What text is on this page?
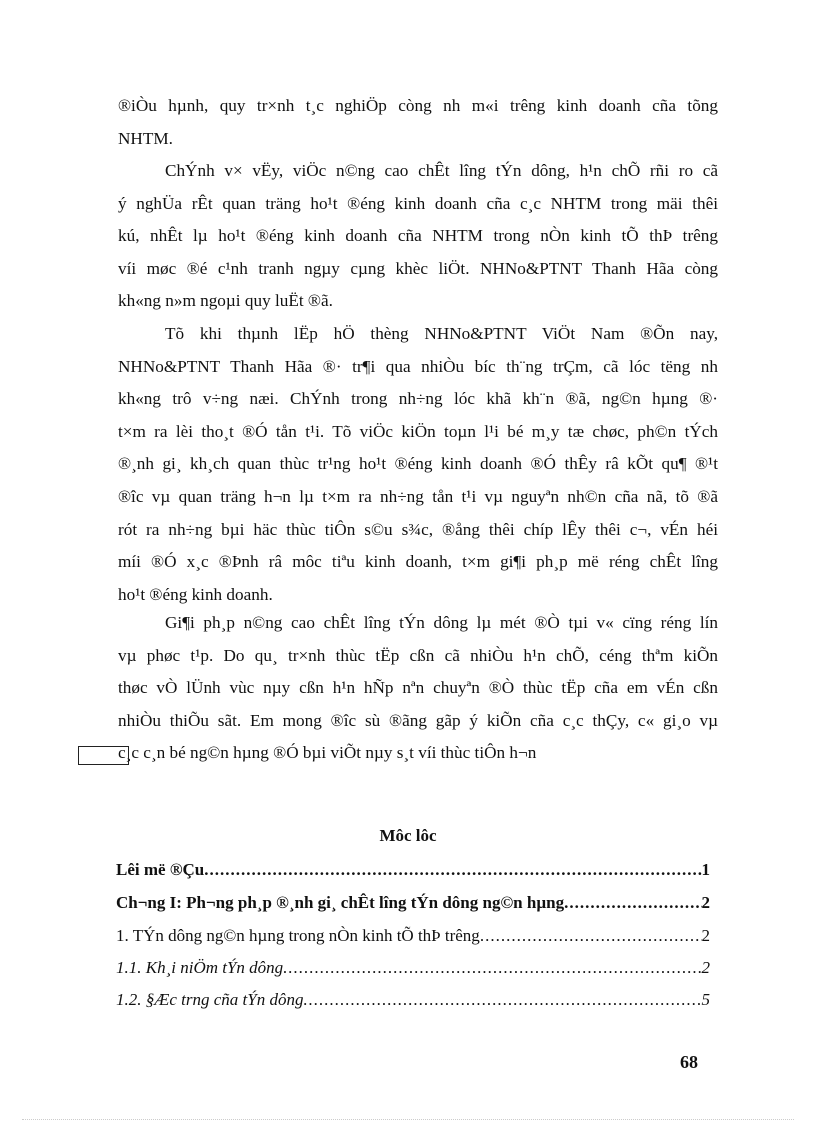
®iÒu hµnh, quy tr×nh t¸c nghiÖp còng nh m«i trêng kinh doanh cña tõng
NHTM.
ChÝnh v× vËy, viÖc n©ng cao chÊt lîng tÝn dông, h¹n chÕ rñi ro cã
ý nghÜa rÊt quan träng ho¹t ®éng kinh doanh cña c¸c NHTM trong mäi thêi
kú, nhÊt lµ ho¹t ®éng kinh doanh cña NHTM trong nÒn kinh tÕ thÞ trêng
víi møc ®é c¹nh tranh ngµy cµng khèc liÖt. NHNo&PTNT Thanh Hãa còng
kh«ng n»m ngoµi quy luËt ®ã.
Tõ khi thµnh lËp hÖ thèng NHNo&PTNT ViÖt Nam ®Õn nay,
NHNo&PTNT Thanh Hãa ®· tr¶i qua nhiÒu bíc th¨ng trÇm, cã lóc tëng nh
kh«ng trô v÷ng næi. ChÝnh trong nh÷ng lóc khã kh¨n ®ã, ng©n hµng ®·
t×m ra lèi tho¸t ®Ó tån t¹i. Tõ viÖc kiÖn toµn l¹i bé m¸y tæ chøc, ph©n tÝch
®¸nh gi¸ kh¸ch quan thùc tr¹ng ho¹t ®éng kinh doanh ®Ó thÊy râ kÕt qu¶ ®¹t
®îc vµ quan träng h¬n lµ t×m ra nh÷ng tån t¹i vµ nguyªn nh©n cña nã, tõ ®ã
rót ra nh÷ng bµi häc thùc tiÔn s©u s¾c, ®ång thêi chíp lÊy thêi c¬, vÉn héi
míi ®Ó x¸c ®Þnh râ môc tiªu kinh doanh, t×m gi¶i ph¸p më réng chÊt lîng
ho¹t ®éng kinh doanh.
Gi¶i ph¸p n©ng cao chÊt lîng tÝn dông lµ mét ®Ò tµi v« cïng réng lín
vµ phøc t¹p. Do qu¸ tr×nh thùc tËp cßn cã nhiÒu h¹n chÕ, céng thªm kiÕn
thøc vÒ lÜnh vùc nµy cßn h¹n hÑp nªn chuyªn ®Ò thùc tËp cña em vÉn cßn
nhiÒu thiÕu sãt. Em mong ®îc sù ®ãng gãp ý kiÕn cña c¸c thÇy, c« gi¸o vµ
c¸c c¸n bé ng©n hµng ®Ó bµi viÕt nµy s¸t víi thùc tiÔn h¬n
Môc lôc
Lêi më ®Çu .....	1
Ch¬ng I: Ph¬ng ph¸p ®¸nh gi¸ chÊt lîng tÝn dông ng©n hµng .....	2
1. TÝn dông ng©n hµng trong nÒn kinh tÕ thÞ trêng .....	2
1.1. Kh¸i niÖm tÝn dông .....	2
1.2. §Æc trng cña tÝn dông .....	5
68
